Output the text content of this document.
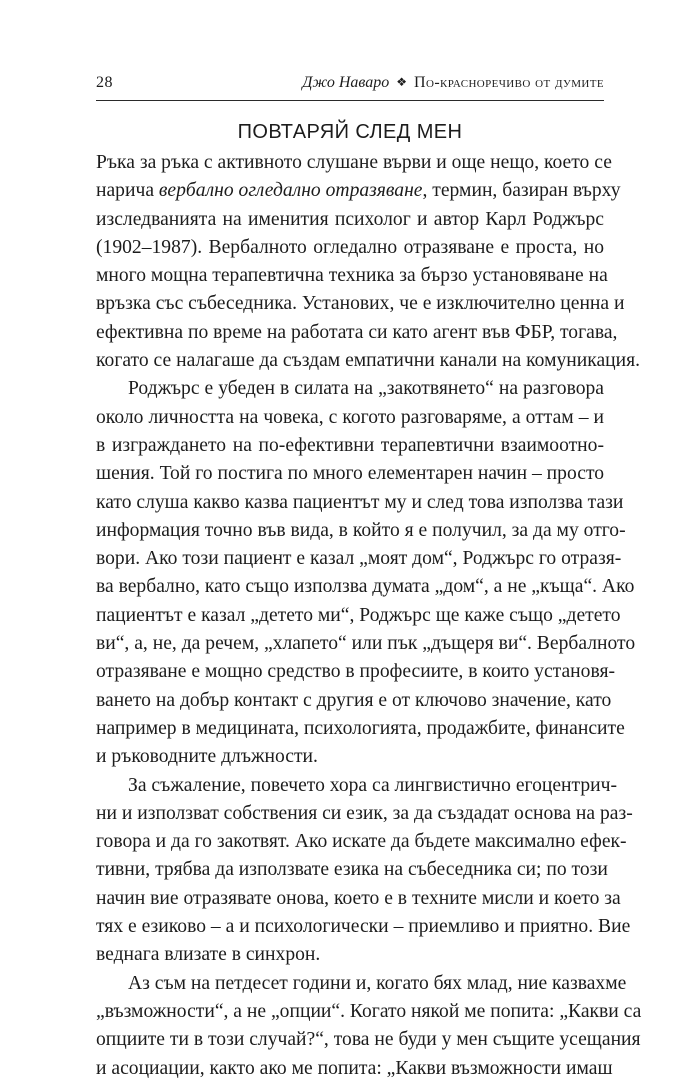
28	Джо Наваро ❖ По-красноречиво от думите
ПОВТАРЯЙ СЛЕД МЕН
Ръка за ръка с активното слушане върви и още нещо, което се
нарича вербално огледално отразяване, термин, базиран върху
изследванията на именития психолог и автор Карл Роджърс
(1902–1987). Вербалното огледално отразяване е проста, но
много мощна терапевтична техника за бързо установяване на
връзка със събеседника. Установих, че е изключително ценна и
ефективна по време на работата си като агент във ФБР, тогава,
когато се налагаше да създам емпатични канали на комуникация.
Роджърс е убеден в силата на „закотвянето“ на разговора
около личността на човека, с когото разговаряме, а оттам – и
в изграждането на по-ефективни терапевтични взаимоотно-
шения. Той го постига по много елементарен начин – просто
като слуша какво казва пациентът му и след това използва тази
информация точно във вида, в който я е получил, за да му отго-
вори. Ако този пациент е казал „моят дом“, Роджърс го отразя-
ва вербално, като също използва думата „дом“, а не „къща“. Ако
пациентът е казал „детето ми“, Роджърс ще каже също „детето
ви“, а, не, да речем, „хлапето“ или пък „дъщеря ви“. Вербалното
отразяване е мощно средство в професиите, в които установя-
ването на добър контакт с другия е от ключово значение, като
например в медицината, психологията, продажбите, финансите
и ръководните длъжности.
За съжаление, повечето хора са лингвистично егоцентрич-
ни и използват собствения си език, за да създадат основа на раз-
говора и да го закотвят. Ако искате да бъдете максимално ефек-
тивни, трябва да използвате езика на събеседника си; по този
начин вие отразявате онова, което е в техните мисли и което за
тях е езиково – а и психологически – приемливо и приятно. Вие
веднага влизате в синхрон.
Аз съм на петдесет години и, когато бях млад, ние казвахме
„възможности“, а не „опции“. Когато някой ме попита: „Какви са
опциите ти в този случай?“, това не буди у мен същите усещания
и асоциации, както ако ме попита: „Какви възможности имаш
